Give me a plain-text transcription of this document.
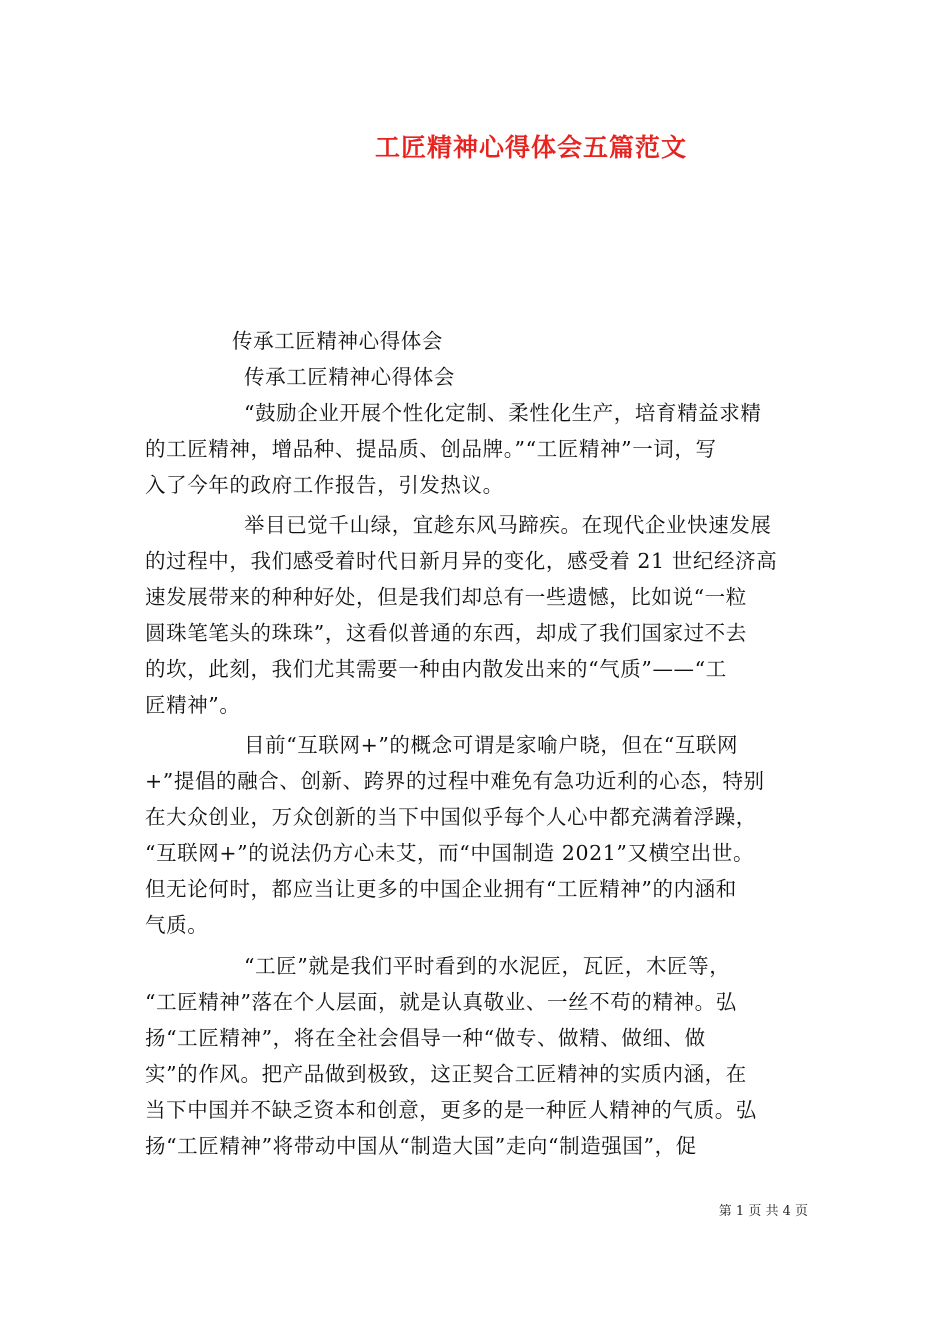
工匠精神心得体会五篇范文
传承工匠精神心得体会
传承工匠精神心得体会
“鼓励企业开展个性化定制、柔性化生产，培育精益求精
的工匠精神，增品种、提品质、创品牌。”“工匠精神”一词，写
入了今年的政府工作报告，引发热议。
举目已觉千山绿，宜趁东风马蹄疾。在现代企业快速发展
的过程中，我们感受着时代日新月异的变化，感受着 21 世纪经济高
速发展带来的种种好处，但是我们却总有一些遗憾，比如说“一粒
圆珠笔笔头的珠珠”，这看似普通的东西，却成了我们国家过不去
的坎，此刻，我们尤其需要一种由内散发出来的“气质”——“工
匠精神”。
目前“互联网+”的概念可谓是家喻户晓，但在“互联网
+”提倡的融合、创新、跨界的过程中难免有急功近利的心态，特别
在大众创业，万众创新的当下中国似乎每个人心中都充满着浮躁，
“互联网+”的说法仍方心未艾，而“中国制造 2021”又横空出世。
但无论何时，都应当让更多的中国企业拥有“工匠精神”的内涵和
气质。
“工匠”就是我们平时看到的水泥匠，瓦匠，木匠等，
“工匠精神”落在个人层面，就是认真敬业、一丝不苟的精神。弘
扬“工匠精神”，将在全社会倡导一种“做专、做精、做细、做
实”的作风。把产品做到极致，这正契合工匠精神的实质内涵，在
当下中国并不缺乏资本和创意，更多的是一种匠人精神的气质。弘
扬“工匠精神”将带动中国从“制造大国”走向“制造强国”，促
第 1 页 共 4 页
